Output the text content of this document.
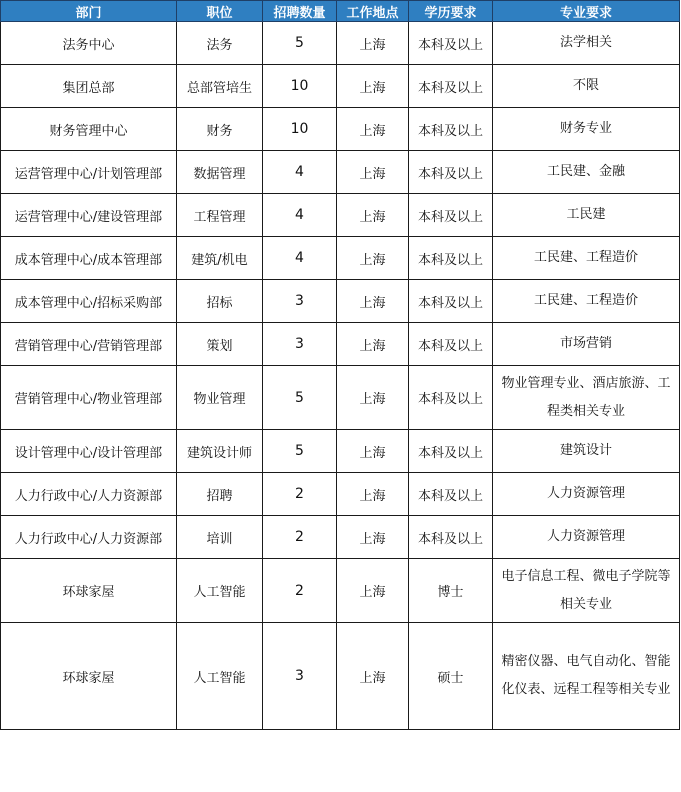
部门	职位	招聘数量	工作地点	学历要求	专业要求
法务中心	法务	5	上海	本科及以上	法学相关
集团总部	总部管培生	10	上海	本科及以上	不限
财务管理中心	财务	10	上海	本科及以上	财务专业
运营管理中心/计划管理部	数据管理	4	上海	本科及以上	工民建、金融
运营管理中心/建设管理部	工程管理	4	上海	本科及以上	工民建
成本管理中心/成本管理部	建筑/机电	4	上海	本科及以上	工民建、工程造价
成本管理中心/招标采购部	招标	3	上海	本科及以上	工民建、工程造价
营销管理中心/营销管理部	策划	3	上海	本科及以上	市场营销
营销管理中心/物业管理部	物业管理	5	上海	本科及以上	物业管理专业、酒店旅游、工程类相关专业
设计管理中心/设计管理部	建筑设计师	5	上海	本科及以上	建筑设计
人力行政中心/人力资源部	招聘	2	上海	本科及以上	人力资源管理
人力行政中心/人力资源部	培训	2	上海	本科及以上	人力资源管理
环球家屋	人工智能	2	上海	博士	电子信息工程、微电子学院等相关专业
环球家屋	人工智能	3	上海	硕士	精密仪器、电气自动化、智能化仪表、远程工程等相关专业
